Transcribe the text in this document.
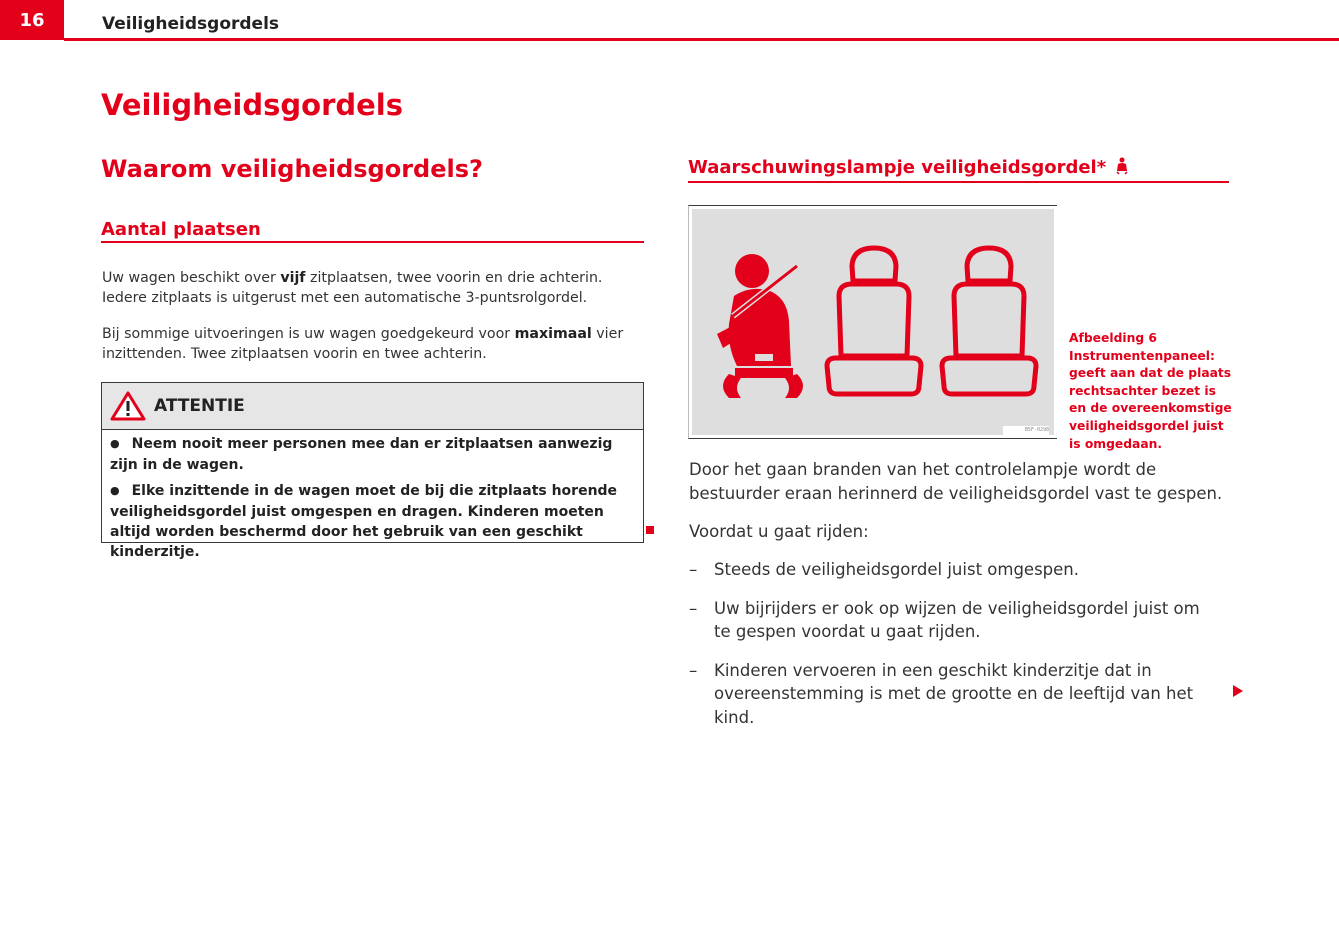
16	Veiligheidsgordels
Veiligheidsgordels
Waarom veiligheidsgordels?
Aantal plaatsen

Uw wagen beschikt over vijf zitplaatsen, twee voorin en drie achterin. Iedere zitplaats is uitgerust met een automatische 3-puntsrolgordel.

Bij sommige uitvoeringen is uw wagen goedgekeurd voor maximaal vier inzittenden. Twee zitplaatsen voorin en twee achterin.

ATTENTIE
● Neem nooit meer personen mee dan er zitplaatsen aanwezig zijn in de wagen.
● Elke inzittende in de wagen moet de bij die zitplaats horende veiligheidsgordel juist omgespen en dragen. Kinderen moeten altijd worden beschermd door het gebruik van een geschikt kinderzitje.
Waarschuwingslampje veiligheidsgordel*
B5F-0298

Afbeelding 6 Instrumentenpaneel: geeft aan dat de plaats rechtsachter bezet is en de overeenkomstige veiligheidsgordel juist is omgedaan.

Door het gaan branden van het controlelampje wordt de bestuurder eraan herinnerd de veiligheidsgordel vast te gespen.

Voordat u gaat rijden:

– Steeds de veiligheidsgordel juist omgespen.
– Uw bijrijders er ook op wijzen de veiligheidsgordel juist om te gespen voordat u gaat rijden.
– Kinderen vervoeren in een geschikt kinderzitje dat in overeenstemming is met de grootte en de leeftijd van het kind.
